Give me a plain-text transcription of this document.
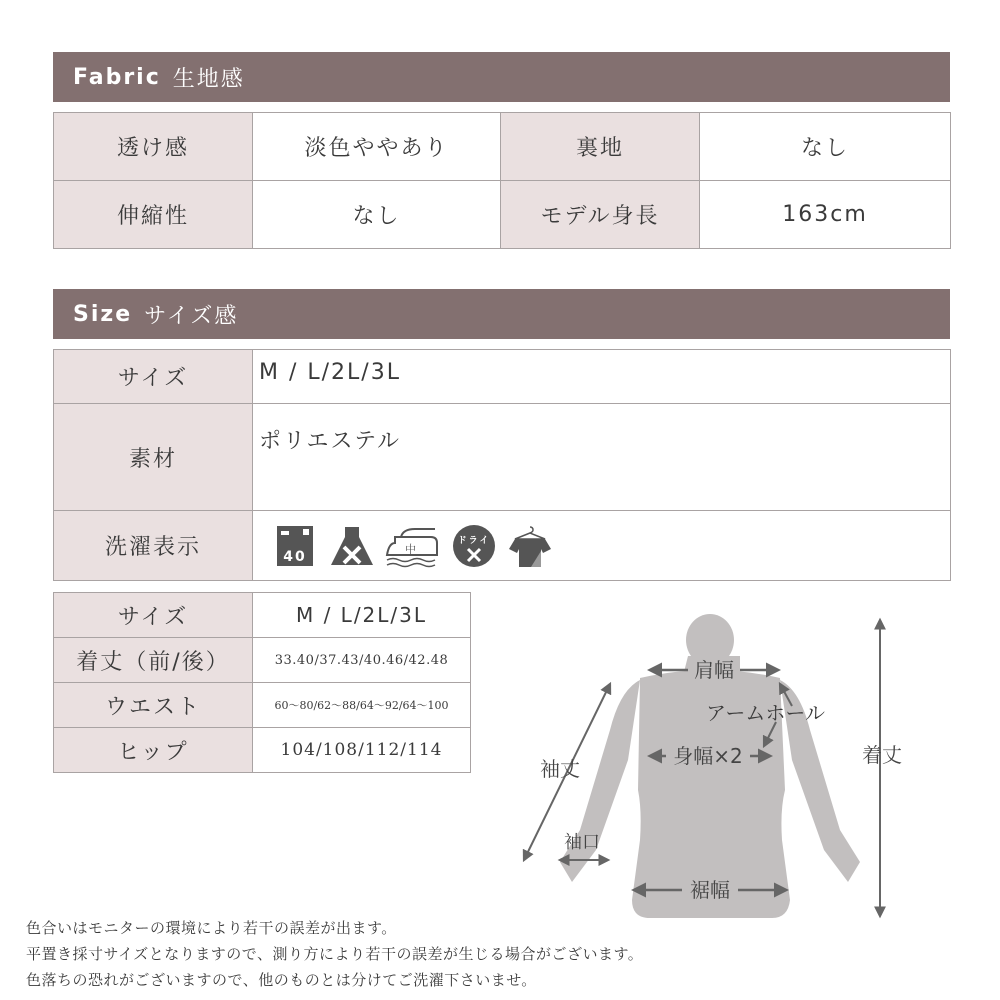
Fabric 生地感
透け感	淡色ややあり	裏地	なし
伸縮性	なし	モデル身長	163cm
Size サイズ感
サイズ	M / L/2L/3L
素材	ポリエステル
洗濯表示	40 中
ドライ
サイズ	M / L/2L/3L
着丈（前/後）	33.40/37.43/40.46/42.48
ウエスト	60～80/62～88/64～92/64～100
ヒップ	104/108/112/114
肩幅
アームホール
身幅×2
袖丈
袖口
裾幅
着丈
色合いはモニターの環境により若干の誤差が出ます。
平置き採寸サイズとなりますので、測り方により若干の誤差が生じる場合がございます。
色落ちの恐れがございますので、他のものとは分けてご洗濯下さいませ。
